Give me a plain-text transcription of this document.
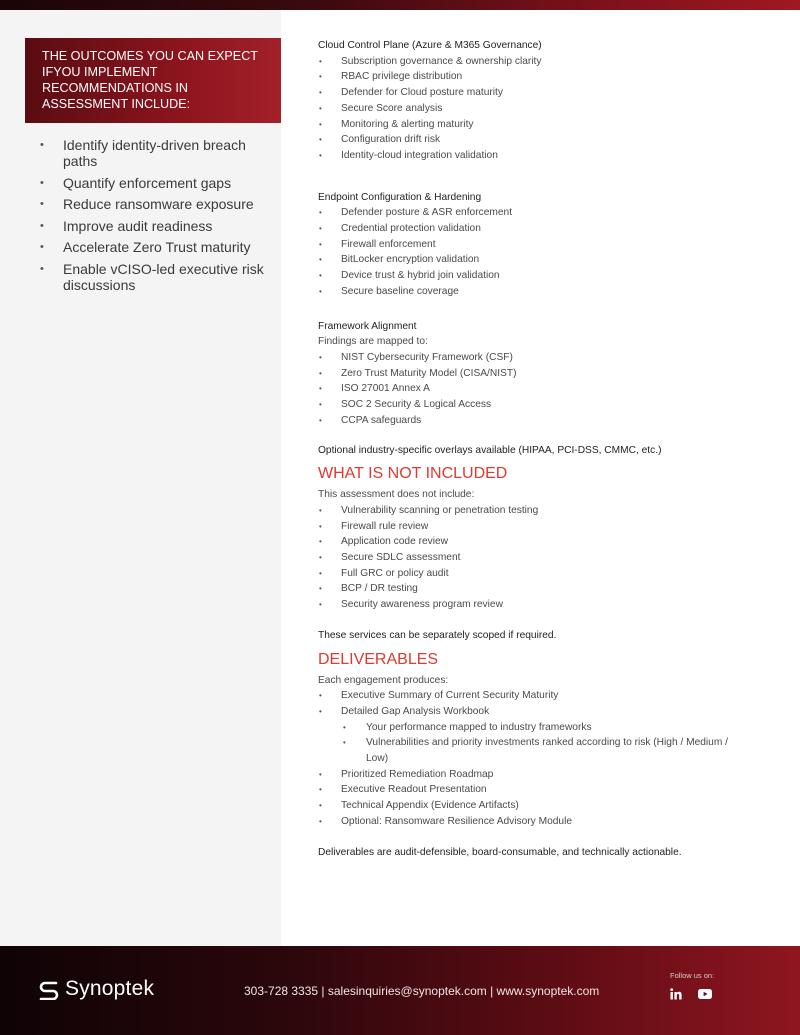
THE OUTCOMES YOU CAN EXPECT IFYOU IMPLEMENT RECOMMENDATIONS IN ASSESSMENT INCLUDE:
• Identify identity-driven breach paths
• Quantify enforcement gaps
• Reduce ransomware exposure
• Improve audit readiness
• Accelerate Zero Trust maturity
• Enable vCISO-led executive risk discussions
Cloud Control Plane (Azure & M365 Governance)
• Subscription governance & ownership clarity
• RBAC privilege distribution
• Defender for Cloud posture maturity
• Secure Score analysis
• Monitoring & alerting maturity
• Configuration drift risk
• Identity-cloud integration validation
Endpoint Configuration & Hardening
• Defender posture & ASR enforcement
• Credential protection validation
• Firewall enforcement
• BitLocker encryption validation
• Device trust & hybrid join validation
• Secure baseline coverage
Framework Alignment
Findings are mapped to:
• NIST Cybersecurity Framework (CSF)
• Zero Trust Maturity Model (CISA/NIST)
• ISO 27001 Annex A
• SOC 2 Security & Logical Access
• CCPA safeguards
Optional industry-specific overlays available (HIPAA, PCI-DSS, CMMC, etc.)
WHAT IS NOT INCLUDED
This assessment does not include:
• Vulnerability scanning or penetration testing
• Firewall rule review
• Application code review
• Secure SDLC assessment
• Full GRC or policy audit
• BCP / DR testing
• Security awareness program review
These services can be separately scoped if required.
DELIVERABLES
Each engagement produces:
• Executive Summary of Current Security Maturity
• Detailed Gap Analysis Workbook
• Your performance mapped to industry frameworks
• Vulnerabilities and priority investments ranked according to risk (High / Medium / Low)
• Prioritized Remediation Roadmap
• Executive Readout Presentation
• Technical Appendix (Evidence Artifacts)
• Optional: Ransomware Resilience Advisory Module
Deliverables are audit-defensible, board-consumable, and technically actionable.
Synoptek	303-728 3335 | salesinquiries@synoptek.com | www.synoptek.com
Follow us on:
